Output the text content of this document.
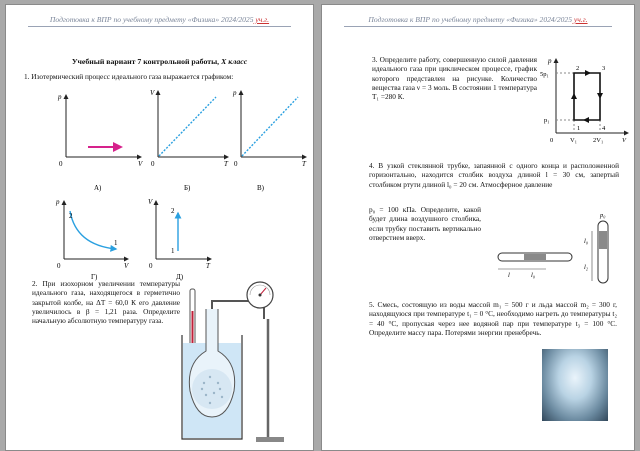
Подготовка к ВПР по учебному предмету «Физика» 2024/2025 уч.г.
Учебный вариант 7 контрольной работы, Х класс
1. Изотермический процесс идеального газа выражается графиком:
p
0	V
V
0	T
p
0	T
А)	Б)	В)
p
2
1
0	V
Г)
V
2
1
0	T
Д)
2. При изохорном увеличении температуры идеального газа, находящегося в герметично закрытой колбе, на ΔT = 60,0 К его давление увеличилось в β = 1,21 раза. Определите начальную абсолютную температуру газа.
Подготовка к ВПР по учебному предмету «Физика» 2024/2025 уч.г.
3. Определите работу, совершенную силой давления идеального газа при циклическом процессе, график которого представлен на рисунке. Количество вещества газа ν = 3 моль. В состоянии 1 температура T₁ =280 К.
p
5p₁
p₁
0	V₁ 2V₁	V
1
2	3
4
4. В узкой стеклянной трубке, запаянной с одного конца и расположенной горизонтально, находится столбик воздуха длиной l = 30 см, запертый столбиком ртути длиной l₀ = 20 см. Атмосферное давление
p₀ = 100 кПа. Определите, какой будет длина воздушного столбика, если трубку поставить вертикально отверстием вверх.
l	l₀
l₀
l₂
p₀
5. Смесь, состоящую из воды массой m₁ = 500 г и льда массой m₂ = 300 г, находящуюся при температуре t₁ = 0 °С, необходимо нагреть до температуры t₂ = 40 °С, пропуская через нее водяной пар при температуре t₃ = 100 °С. Определите массу пара. Потерями энергии пренебречь.
